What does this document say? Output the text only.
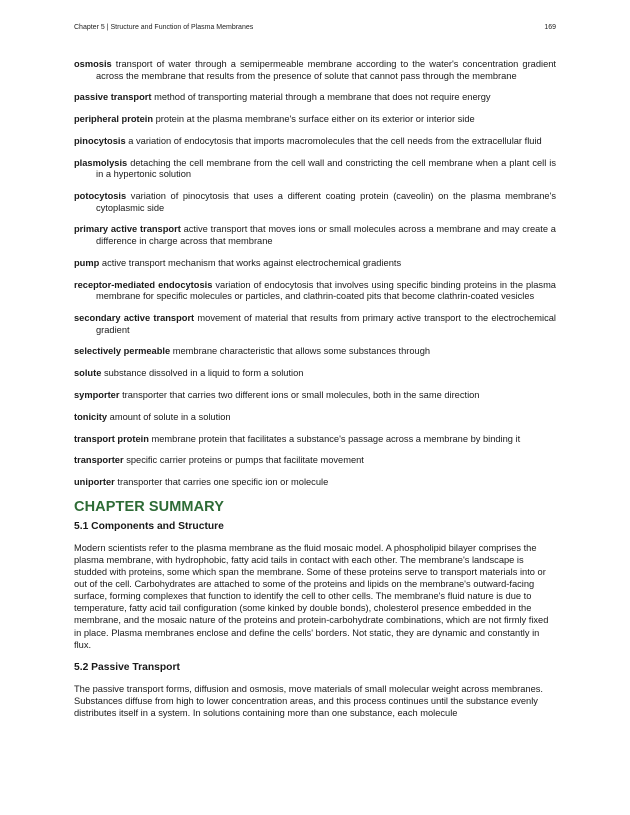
Chapter 5 | Structure and Function of Plasma Membranes	169
osmosis transport of water through a semipermeable membrane according to the water's concentration gradient across the membrane that results from the presence of solute that cannot pass through the membrane
passive transport method of transporting material through a membrane that does not require energy
peripheral protein protein at the plasma membrane's surface either on its exterior or interior side
pinocytosis a variation of endocytosis that imports macromolecules that the cell needs from the extracellular fluid
plasmolysis detaching the cell membrane from the cell wall and constricting the cell membrane when a plant cell is in a hypertonic solution
potocytosis variation of pinocytosis that uses a different coating protein (caveolin) on the plasma membrane's cytoplasmic side
primary active transport active transport that moves ions or small molecules across a membrane and may create a difference in charge across that membrane
pump active transport mechanism that works against electrochemical gradients
receptor-mediated endocytosis variation of endocytosis that involves using specific binding proteins in the plasma membrane for specific molecules or particles, and clathrin-coated pits that become clathrin-coated vesicles
secondary active transport movement of material that results from primary active transport to the electrochemical gradient
selectively permeable membrane characteristic that allows some substances through
solute substance dissolved in a liquid to form a solution
symporter transporter that carries two different ions or small molecules, both in the same direction
tonicity amount of solute in a solution
transport protein membrane protein that facilitates a substance's passage across a membrane by binding it
transporter specific carrier proteins or pumps that facilitate movement
uniporter transporter that carries one specific ion or molecule
CHAPTER SUMMARY
5.1 Components and Structure

Modern scientists refer to the plasma membrane as the fluid mosaic model. A phospholipid bilayer comprises the plasma membrane, with hydrophobic, fatty acid tails in contact with each other. The membrane's landscape is studded with proteins, some which span the membrane. Some of these proteins serve to transport materials into or out of the cell. Carbohydrates are attached to some of the proteins and lipids on the membrane's outward-facing surface, forming complexes that function to identify the cell to other cells. The membrane's fluid nature is due to temperature, fatty acid tail configuration (some kinked by double bonds), cholesterol presence embedded in the membrane, and the mosaic nature of the proteins and protein-carbohydrate combinations, which are not firmly fixed in place. Plasma membranes enclose and define the cells' borders. Not static, they are dynamic and constantly in flux.

5.2 Passive Transport

The passive transport forms, diffusion and osmosis, move materials of small molecular weight across membranes. Substances diffuse from high to lower concentration areas, and this process continues until the substance evenly distributes itself in a system. In solutions containing more than one substance, each molecule
